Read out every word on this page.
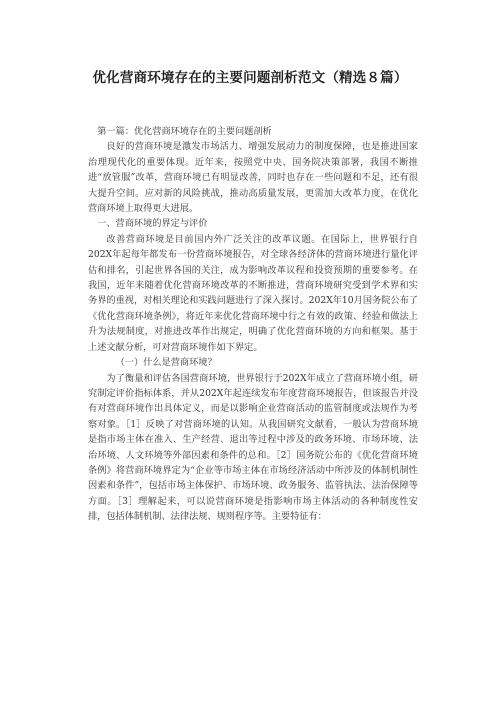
优化营商环境存在的主要问题剖析范文（精选８篇）

第一篇：优化营商环境存在的主要问题剖析

良好的营商环境是激发市场活力、增强发展动力的制度保障，也是推进国家治理现代化的重要体现。近年来，按照党中央、国务院决策部署，我国不断推进“放管服”改革，营商环境已有明显改善，同时也存在一些问题和不足，还有很大提升空间。应对新的风险挑战，推动高质量发展，更需加大改革力度，在优化营商环境上取得更大进展。

一、营商环境的界定与评价

改善营商环境是目前国内外广泛关注的改革议题。在国际上，世界银行自202X年起每年都发布一份营商环境报告，对全球各经济体的营商环境进行量化评估和排名，引起世界各国的关注，成为影响改革议程和投资预期的重要参考。在我国，近年来随着优化营商环境改革的不断推进，营商环境研究受到学术界和实务界的重视，对相关理论和实践问题进行了深入探讨。202X年10月国务院公布了《优化营商环境条例》，将近年来优化营商环境中行之有效的政策、经验和做法上升为法规制度，对推进改革作出规定，明确了优化营商环境的方向和框架。基于上述文献分析，可对营商环境作如下界定。

（一）什么是营商环境？

为了衡量和评估各国营商环境，世界银行于202X年成立了营商环境小组，研究制定评价指标体系，并从202X年起连续发布年度营商环境报告，但该报告并没有对营商环境作出具体定义，而是以影响企业营商活动的监管制度或法规作为考察对象。［1］反映了对营商环境的认知。从我国研究文献看，一般认为营商环境是指市场主体在准入、生产经营、退出等过程中涉及的政务环境、市场环境、法治环境、人文环境等外部因素和条件的总和。［2］国务院公布的《优化营商环境条例》将营商环境界定为“企业等市场主体在市场经济活动中所涉及的体制机制性因素和条件”，包括市场主体保护、市场环境、政务服务、监管执法、法治保障等方面。［3］理解起来，可以说营商环境是指影响市场主体活动的各种制度性安排，包括体制机制、法律法规、规则程序等。主要特征有：
